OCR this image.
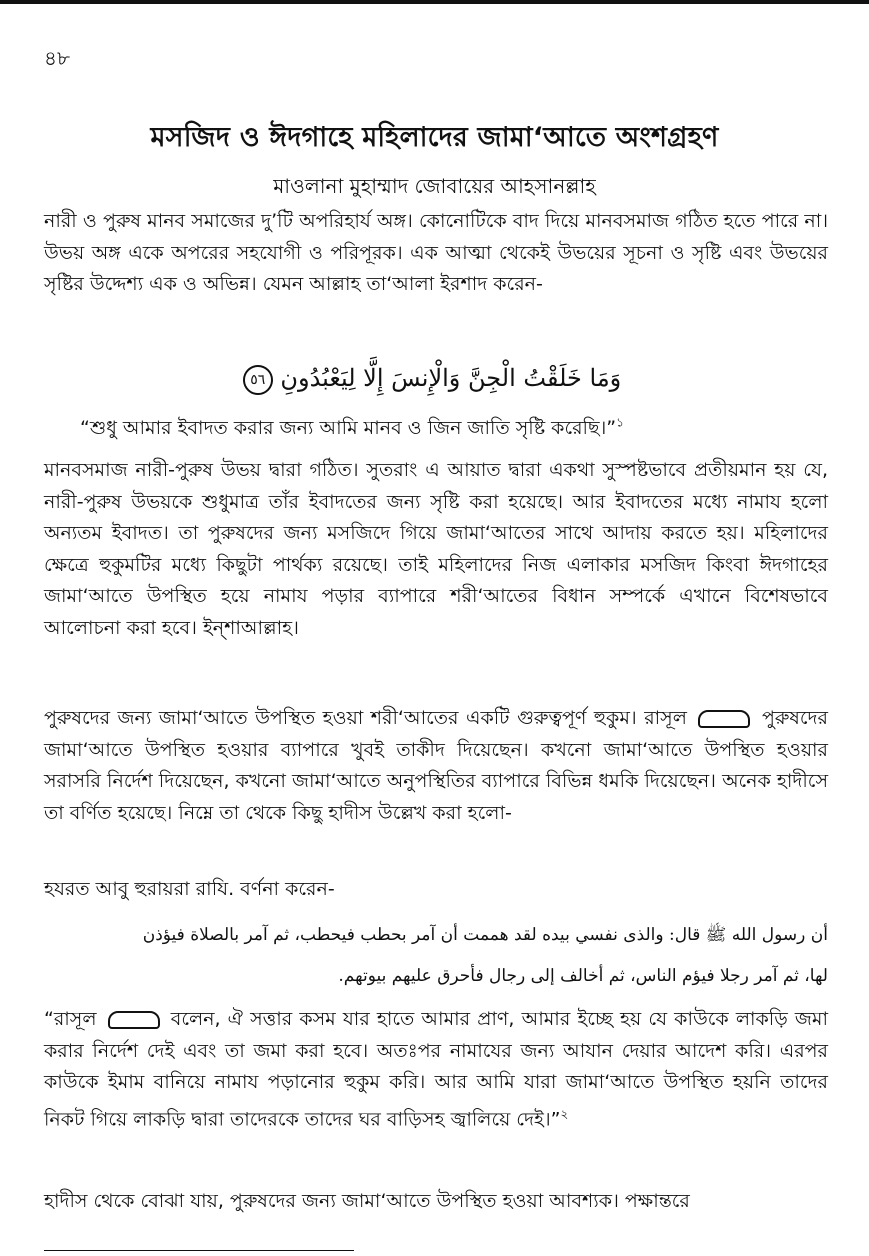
৪৮
মসজিদ ও ঈদগাহে মহিলাদের জামা‘আতে অংশগ্রহণ
মাওলানা মুহাম্মাদ জোবায়ের আহসানল্লাহ

নারী ও পুরুষ মানব সমাজের দু’টি অপরিহার্য অঙ্গ। কোনোটিকে বাদ দিয়ে মানবসমাজ গঠিত হতে পারে না। উভয় অঙ্গ একে অপরের সহযোগী ও পরিপূরক। এক আত্মা থেকেই উভয়ের সূচনা ও সৃষ্টি এবং উভয়ের সৃষ্টির উদ্দেশ্য এক ও অভিন্ন। যেমন আল্লাহ তা‘আলা ইরশাদ করেন-

وَمَا خَلَقْتُ الْجِنَّ وَالْإِنسَ إِلَّا لِيَعْبُدُونِ ٥٦
“শুধু আমার ইবাদত করার জন্য আমি মানব ও জিন জাতি সৃষ্টি করেছি।”$^১$

মানবসমাজ নারী-পুরুষ উভয় দ্বারা গঠিত। সুতরাং এ আয়াত দ্বারা একথা সুস্পষ্টভাবে প্রতীয়মান হয় যে, নারী-পুরুষ উভয়কে শুধুমাত্র তাঁর ইবাদতের জন্য সৃষ্টি করা হয়েছে। আর ইবাদতের মধ্যে নামায হলো অন্যতম ইবাদত। তা পুরুষদের জন্য মসজিদে গিয়ে জামা‘আতের সাথে আদায় করতে হয়। মহিলাদের ক্ষেত্রে হুকুমটির মধ্যে কিছুটা পার্থক্য রয়েছে। তাই মহিলাদের নিজ এলাকার মসজিদ কিংবা ঈদগাহের জামা‘আতে উপস্থিত হয়ে নামায পড়ার ব্যাপারে শরী‘আতের বিধান সম্পর্কে এখানে বিশেষভাবে আলোচনা করা হবে। ইন্শাআল্লাহ।

পুরুষদের জন্য জামা‘আতে উপস্থিত হওয়া শরী‘আতের একটি গুরুত্বপূর্ণ হুকুম। রাসূল	পুরুষদের জামা‘আতে উপস্থিত হওয়ার ব্যাপারে খুবই তাকীদ দিয়েছেন। কখনো জামা‘আতে উপস্থিত হওয়ার সরাসরি নির্দেশ দিয়েছেন, কখনো জামা‘আতে অনুপস্থিতির ব্যাপারে বিভিন্ন ধমকি দিয়েছেন। অনেক হাদীসে তা বর্ণিত হয়েছে। নিম্নে তা থেকে কিছু হাদীস উল্লেখ করা হলো-

হযরত আবু হুরায়রা রাযি. বর্ণনা করেন-

أن رسول الله ﷺ قال: والذى نفسي بيده لقد هممت أن آمر بحطب فيحطب، ثم آمر بالصلاة فيؤذن
لها، ثم آمر رجلا فيؤم الناس، ثم أخالف إلى رجال فأحرق عليهم بيوتهم.

“রাসূল	বলেন, ঐ সত্তার কসম যার হাতে আমার প্রাণ, আমার ইচ্ছে হয় যে কাউকে লাকড়ি জমা করার নির্দেশ দেই এবং তা জমা করা হবে। অতঃপর নামাযের জন্য আযান দেয়ার আদেশ করি। এরপর কাউকে ইমাম বানিয়ে নামায পড়ানোর হুকুম করি। আর আমি যারা জামা‘আতে উপস্থিত হয়নি তাদের নিকট গিয়ে লাকড়ি দ্বারা তাদেরকে তাদের ঘর বাড়িসহ জ্বালিয়ে দেই।”$^২$

হাদীস থেকে বোঝা যায়, পুরুষদের জন্য জামা‘আতে উপস্থিত হওয়া আবশ্যক। পক্ষান্তরে
